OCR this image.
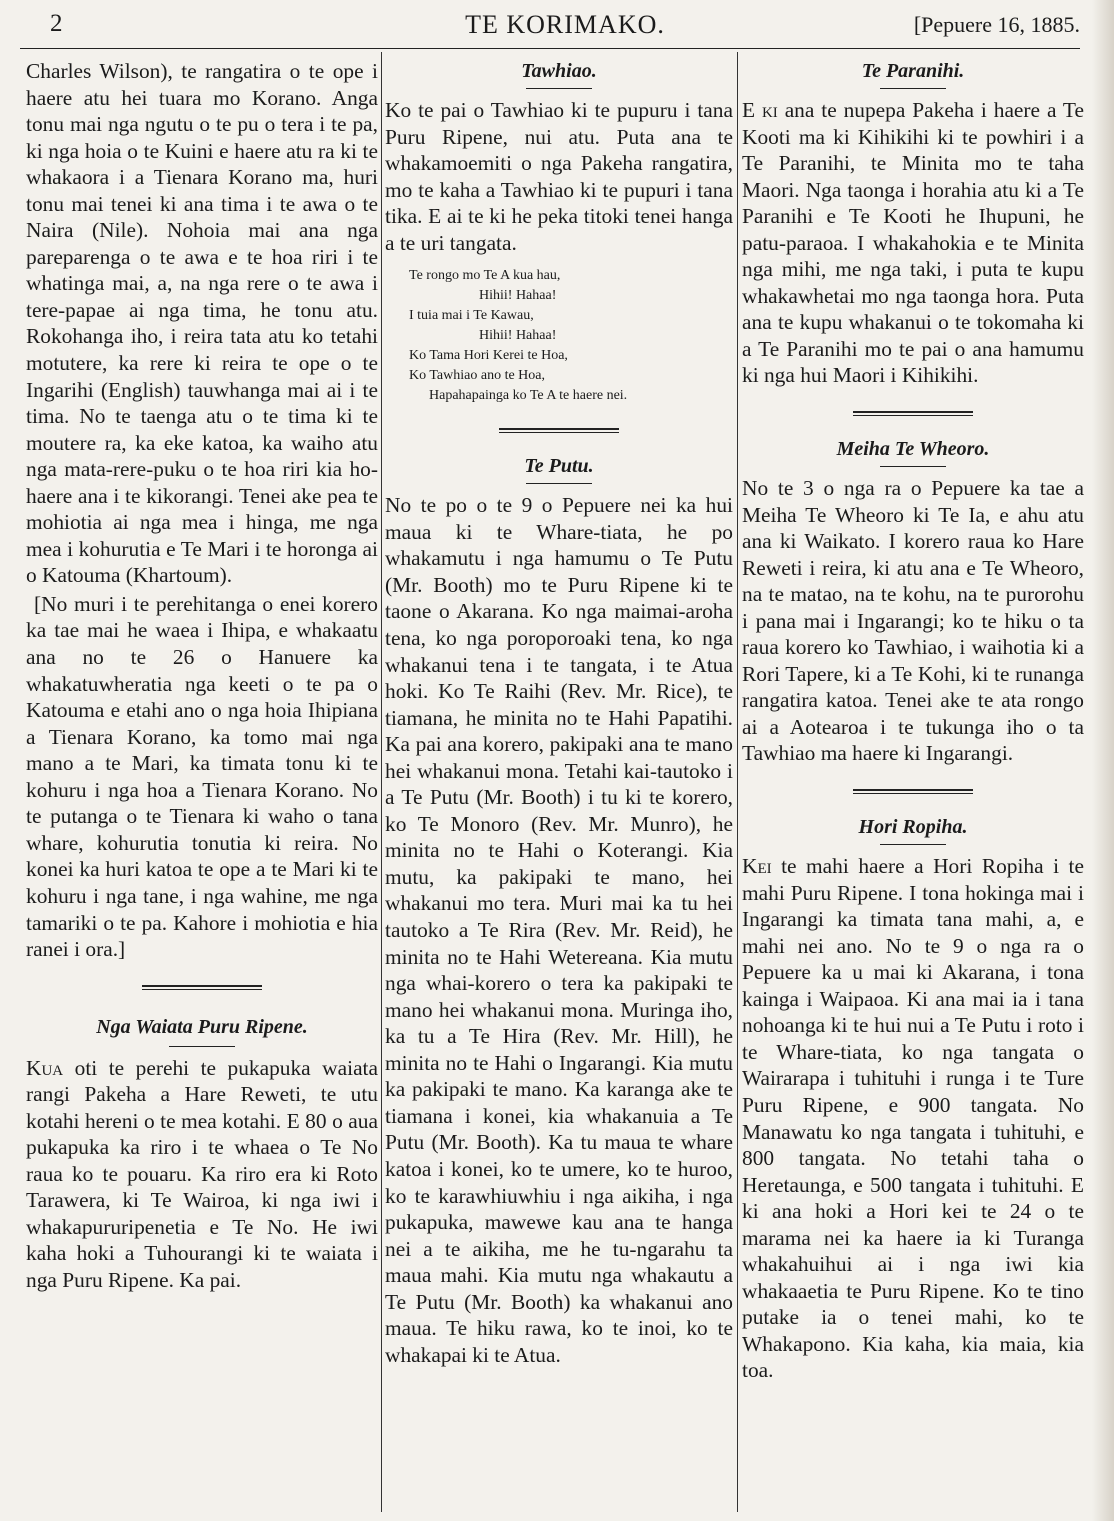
2	TE KORIMAKO.	[Pepuere 16, 1885.

Charles Wilson), te rangatira o te ope i haere atu hei tuara mo Korano. Anga tonu mai nga ngutu o te pu o tera i te pa, ki nga hoia o te Kuini e haere atu ra ki te whakaora i a Tienara Korano ma, huri tonu mai tenei ki ana tima i te awa o te Naira (Nile). Nohoia mai ana nga pareparenga o te awa e te hoa riri i te whatinga mai, a, na nga rere o te awa i tere-papae ai nga tima, he tonu atu. Rokohanga iho, i reira tata atu ko tetahi motutere, ka rere ki reira te ope o te Ingarihi (English) tauwhanga mai ai i te tima. No te taenga atu o te tima ki te moutere ra, ka eke katoa, ka waiho atu nga mata-rere-puku o te hoa riri kia ho-haere ana i te kikorangi. Tenei ake pea te mohiotia ai nga mea i hinga, me nga mea i kohurutia e Te Mari i te horonga ai o Katouma (Khartoum).

[No muri i te perehitanga o enei korero ka tae mai he waea i Ihipa, e whakaatu ana no te 26 o Hanuere ka whakatuwheratia nga keeti o te pa o Katouma e etahi ano o nga hoia Ihipiana a Tienara Korano, ka tomo mai nga mano a te Mari, ka timata tonu ki te kohuru i nga hoa a Tienara Korano. No te putanga o te Tienara ki waho o tana whare, kohurutia tonutia ki reira. No konei ka huri katoa te ope a te Mari ki te kohuru i nga tane, i nga wahine, me nga tamariki o te pa. Kahore i mohiotia e hia ranei i ora.]

Nga Waiata Puru Ripene.

Kua oti te perehi te pukapuka waiata rangi Pakeha a Hare Reweti, te utu kotahi hereni o te mea kotahi. E 80 o aua pukapuka ka riro i te whaea o Te No raua ko te pouaru. Ka riro era ki Roto Tarawera, ki Te Wairoa, ki nga iwi i whakapururipenetia e Te No. He iwi kaha hoki a Tuhourangi ki te waiata i nga Puru Ripene. Ka pai.

Tawhiao.

Ko te pai o Tawhiao ki te pupuru i tana Puru Ripene, nui atu. Puta ana te whakamoemiti o nga Pakeha rangatira, mo te kaha a Tawhiao ki te pupuri i tana tika. E ai te ki he peka titoki tenei hanga a te uri tangata.

Te rongo mo Te A kua hau,
Hihii! Hahaa!
I tuia mai i Te Kawau,
Hihii! Hahaa!
Ko Tama Hori Kerei te Hoa,
Ko Tawhiao ano te Hoa,
Hapahapainga ko Te A te haere nei.
Te Putu.

No te po o te 9 o Pepuere nei ka hui maua ki te Whare-tiata, he po whakamutu i nga hamumu o Te Putu (Mr. Booth) mo te Puru Ripene ki te taone o Akarana. Ko nga maimai-aroha tena, ko nga poroporoaki tena, ko nga whakanui tena i te tangata, i te Atua hoki. Ko Te Raihi (Rev. Mr. Rice), te tiamana, he minita no te Hahi Papatihi. Ka pai ana korero, pakipaki ana te mano hei whakanui mona. Tetahi kai-tautoko i a Te Putu (Mr. Booth) i tu ki te korero, ko Te Monoro (Rev. Mr. Munro), he minita no te Hahi o Koterangi. Kia mutu, ka pakipaki te mano, hei whakanui mo tera. Muri mai ka tu hei tautoko a Te Rira (Rev. Mr. Reid), he minita no te Hahi Wetereana. Kia mutu nga whai-korero o tera ka pakipaki te mano hei whakanui mona. Muringa iho, ka tu a Te Hira (Rev. Mr. Hill), he minita no te Hahi o Ingarangi. Kia mutu ka pakipaki te mano. Ka karanga ake te tiamana i konei, kia whakanuia a Te Putu (Mr. Booth). Ka tu maua te whare katoa i konei, ko te umere, ko te huroo, ko te karawhiuwhiu i nga aikiha, i nga pukapuka, mawewe kau ana te hanga nei a te aikiha, me he tu-ngarahu ta maua mahi. Kia mutu nga whakautu a Te Putu (Mr. Booth) ka whakanui ano maua. Te hiku rawa, ko te inoi, ko te whakapai ki te Atua.

Te Paranihi.

E ki ana te nupepa Pakeha i haere a Te Kooti ma ki Kihikihi ki te powhiri i a Te Paranihi, te Minita mo te taha Maori. Nga taonga i horahia atu ki a Te Paranihi e Te Kooti he Ihupuni, he patu-paraoa. I whakahokia e te Minita nga mihi, me nga taki, i puta te kupu whakawhetai mo nga taonga hora. Puta ana te kupu whakanui o te tokomaha ki a Te Paranihi mo te pai o ana hamumu ki nga hui Maori i Kihikihi.

Meiha Te Wheoro.

No te 3 o nga ra o Pepuere ka tae a Meiha Te Wheoro ki Te Ia, e ahu atu ana ki Waikato. I korero raua ko Hare Reweti i reira, ki atu ana e Te Wheoro, na te matao, na te kohu, na te purorohu i pana mai i Ingarangi; ko te hiku o ta raua korero ko Tawhiao, i waihotia ki a Rori Tapere, ki a Te Kohi, ki te runanga rangatira katoa. Tenei ake te ata rongo ai a Aotearoa i te tukunga iho o ta Tawhiao ma haere ki Ingarangi.

Hori Ropiha.

Kei te mahi haere a Hori Ropiha i te mahi Puru Ripene. I tona hokinga mai i Ingarangi ka timata tana mahi, a, e mahi nei ano. No te 9 o nga ra o Pepuere ka u mai ki Akarana, i tona kainga i Waipaoa. Ki ana mai ia i tana nohoanga ki te hui nui a Te Putu i roto i te Whare-tiata, ko nga tangata o Wairarapa i tuhituhi i runga i te Ture Puru Ripene, e 900 tangata. No Manawatu ko nga tangata i tuhituhi, e 800 tangata. No tetahi taha o Heretaunga, e 500 tangata i tuhituhi. E ki ana hoki a Hori kei te 24 o te marama nei ka haere ia ki Turanga whakahuihui ai i nga iwi kia whakaaetia te Puru Ripene. Ko te tino putake ia o tenei mahi, ko te Whakapono. Kia kaha, kia maia, kia toa.
